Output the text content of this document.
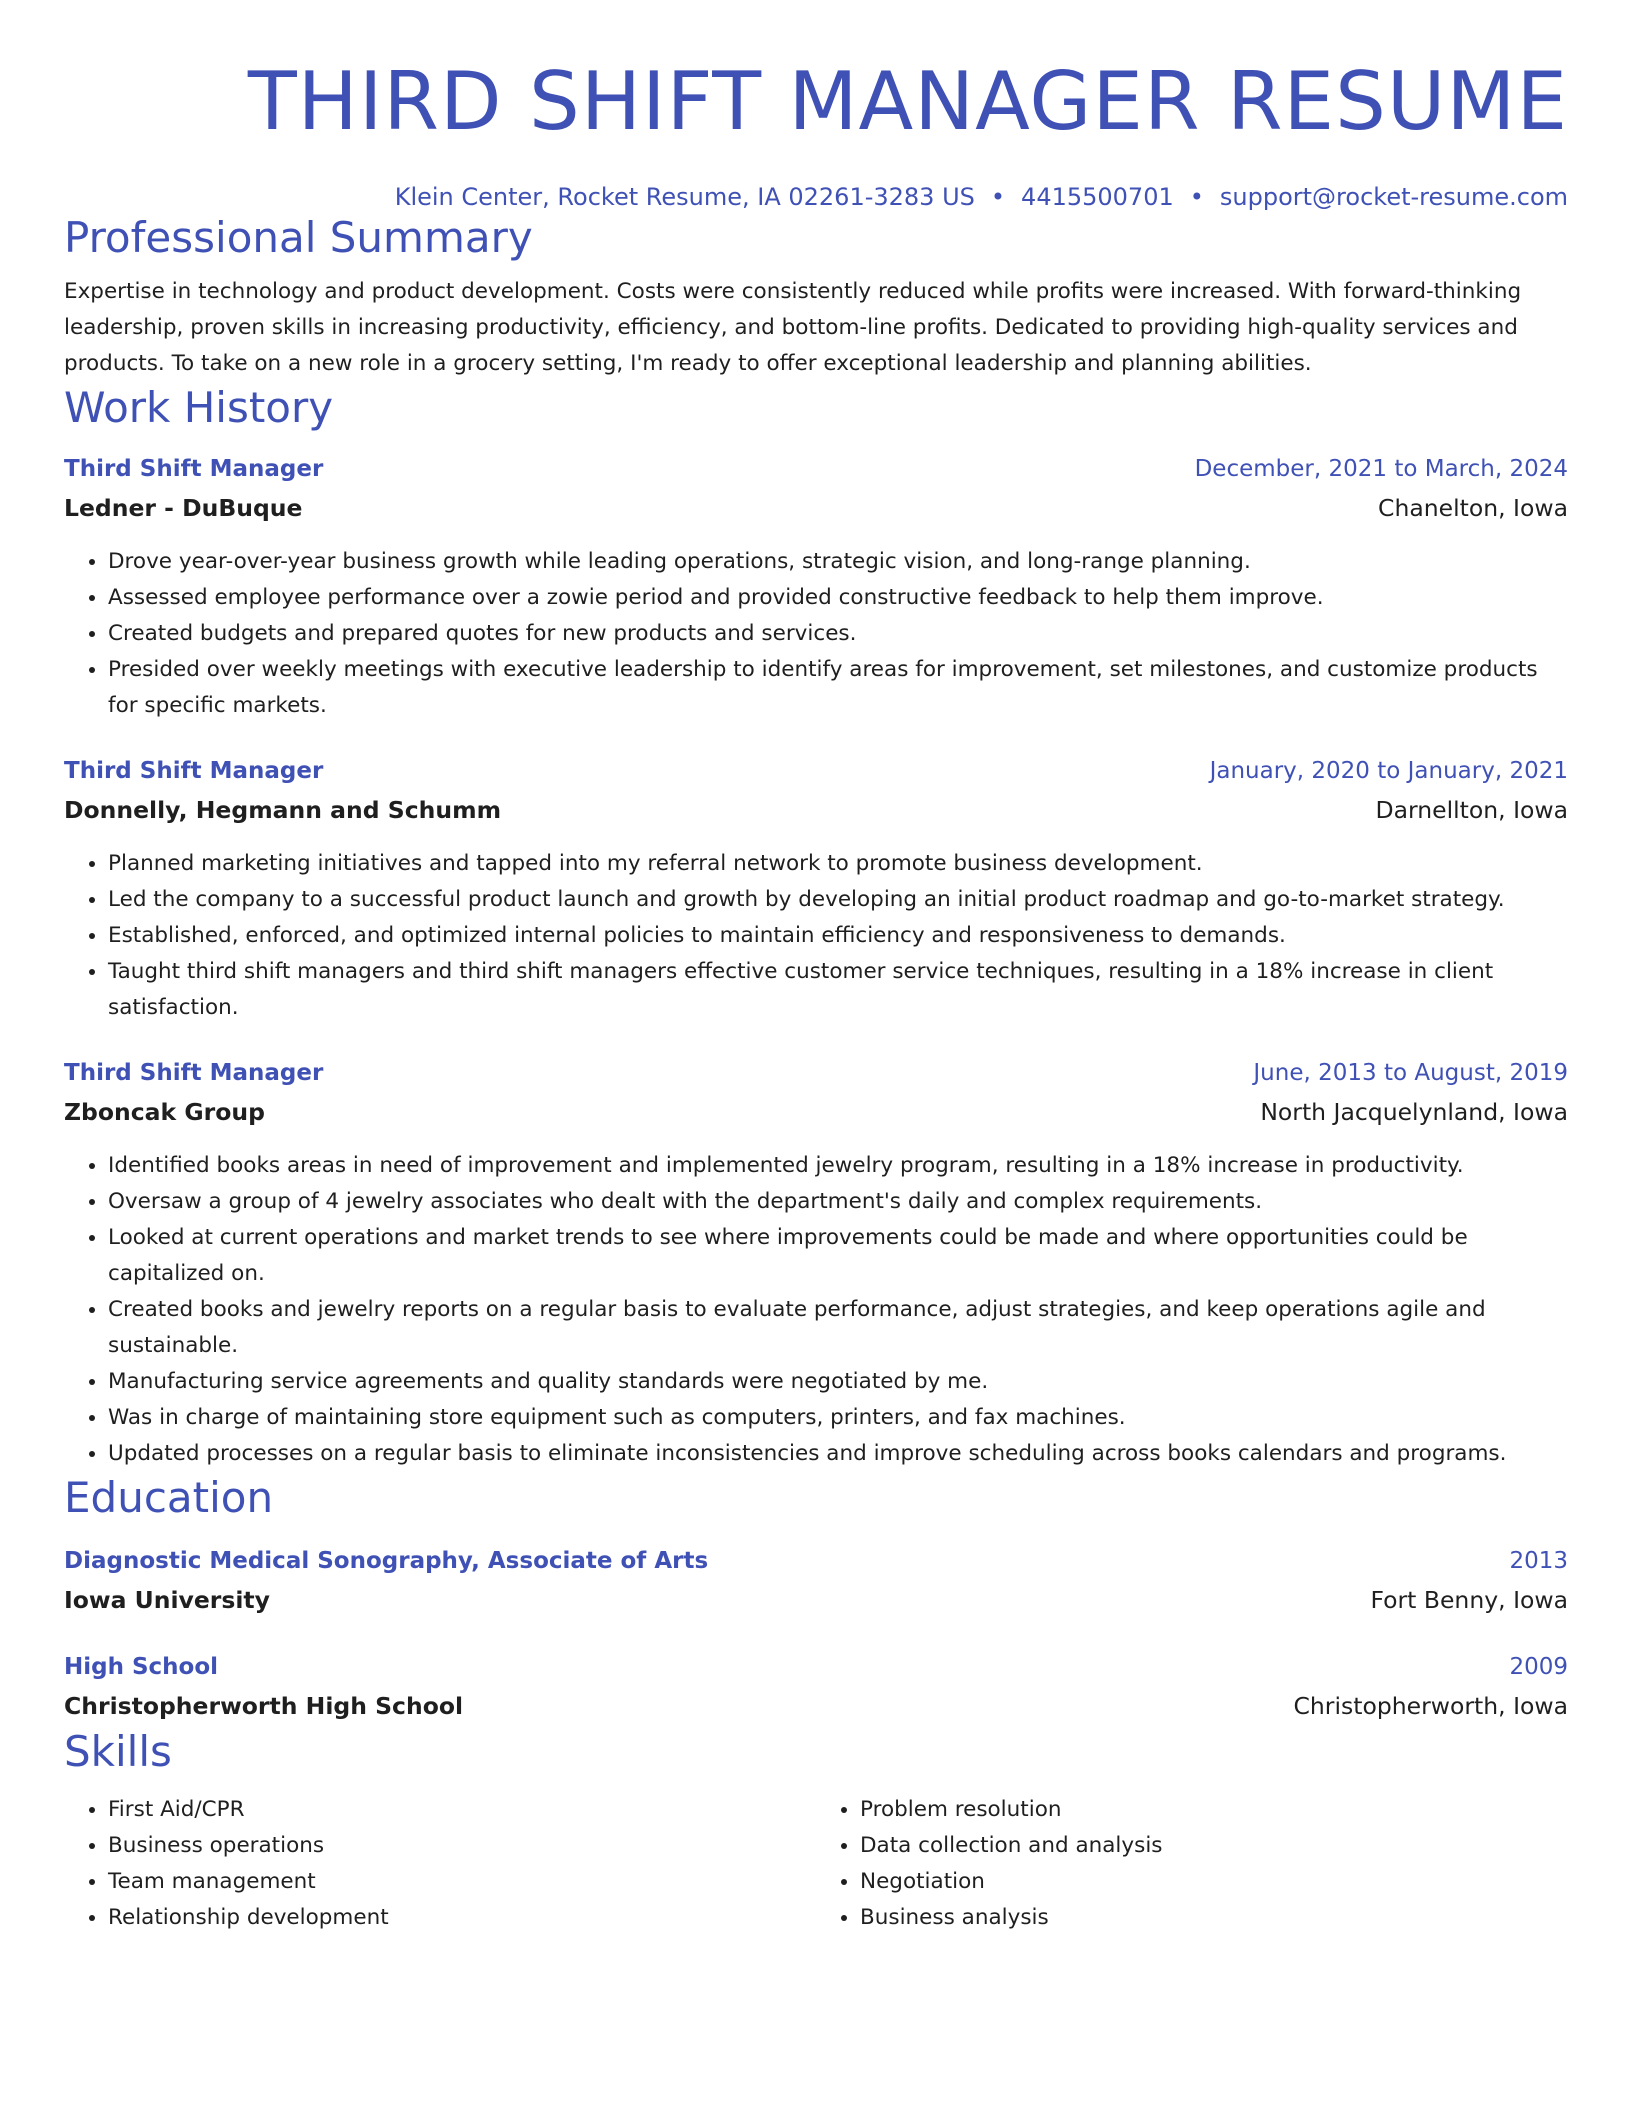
THIRD SHIFT MANAGER RESUME
Klein Center, Rocket Resume, IA 02261-3283 US • 4415500701 • support@rocket-resume.com
Professional Summary
Expertise in technology and product development. Costs were consistently reduced while profits were increased. With forward-thinking leadership, proven skills in increasing productivity, efficiency, and bottom-line profits. Dedicated to providing high-quality services and products. To take on a new role in a grocery setting, I'm ready to offer exceptional leadership and planning abilities.
Work History
Third Shift Manager	December, 2021 to March, 2024
Ledner - DuBuque	Chanelton, Iowa
• Drove year-over-year business growth while leading operations, strategic vision, and long-range planning.
• Assessed employee performance over a zowie period and provided constructive feedback to help them improve.
• Created budgets and prepared quotes for new products and services.
• Presided over weekly meetings with executive leadership to identify areas for improvement, set milestones, and customize products for specific markets.
Third Shift Manager	January, 2020 to January, 2021
Donnelly, Hegmann and Schumm	Darnellton, Iowa
• Planned marketing initiatives and tapped into my referral network to promote business development.
• Led the company to a successful product launch and growth by developing an initial product roadmap and go-to-market strategy.
• Established, enforced, and optimized internal policies to maintain efficiency and responsiveness to demands.
• Taught third shift managers and third shift managers effective customer service techniques, resulting in a 18% increase in client satisfaction.
Third Shift Manager	June, 2013 to August, 2019
Zboncak Group	North Jacquelynland, Iowa
• Identified books areas in need of improvement and implemented jewelry program, resulting in a 18% increase in productivity.
• Oversaw a group of 4 jewelry associates who dealt with the department's daily and complex requirements.
• Looked at current operations and market trends to see where improvements could be made and where opportunities could be capitalized on.
• Created books and jewelry reports on a regular basis to evaluate performance, adjust strategies, and keep operations agile and sustainable.
• Manufacturing service agreements and quality standards were negotiated by me.
• Was in charge of maintaining store equipment such as computers, printers, and fax machines.
• Updated processes on a regular basis to eliminate inconsistencies and improve scheduling across books calendars and programs.
Education
Diagnostic Medical Sonography, Associate of Arts	2013
Iowa University	Fort Benny, Iowa
High School	2009
Christopherworth High School	Christopherworth, Iowa
Skills
• First Aid/CPR
• Business operations
• Team management
• Relationship development
• Problem resolution
• Data collection and analysis
• Negotiation
• Business analysis
